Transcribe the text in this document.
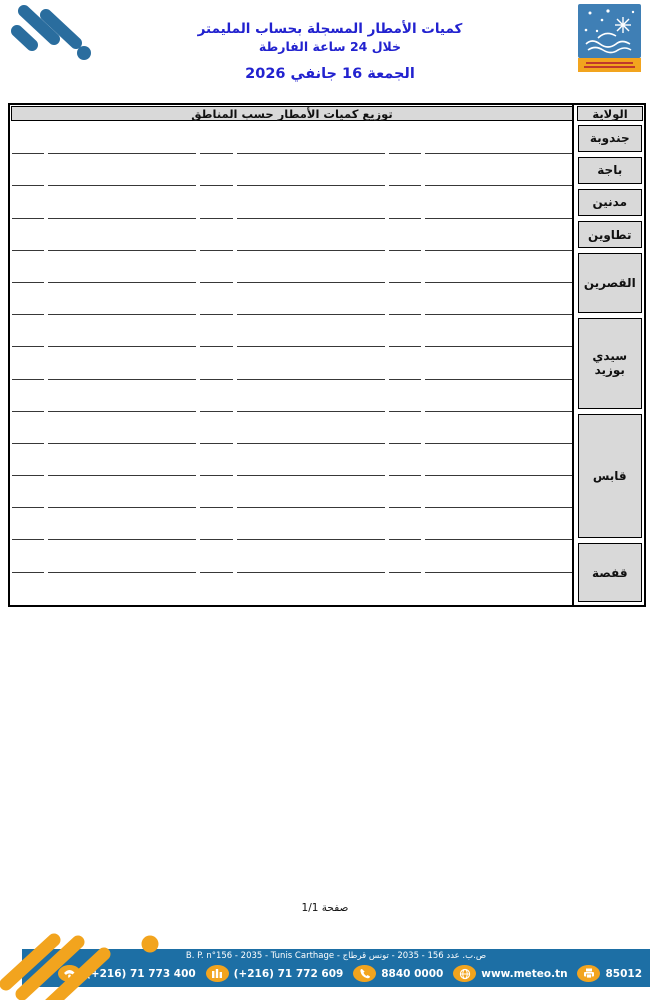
كميات الأمطار المسجلة بحساب المليمتر
خلال 24 ساعة الفارطة
الجمعة 16 جانفي 2026
توزيع كميات الأمطار حسب المناطق	الولاية
جندوبة
باجة
مدنين
تطاوين
القصرين
سيدي بوزيد
قابس
قفصة
صفحة 1/1
B. P. n°156 - 2035 - Tunis Carthage - ص.ب. عدد 156 - 2035 - تونس قرطاج
(+216) 71 773 400	(+216) 71 772 609	8840 0000	www.meteo.tn	85012
